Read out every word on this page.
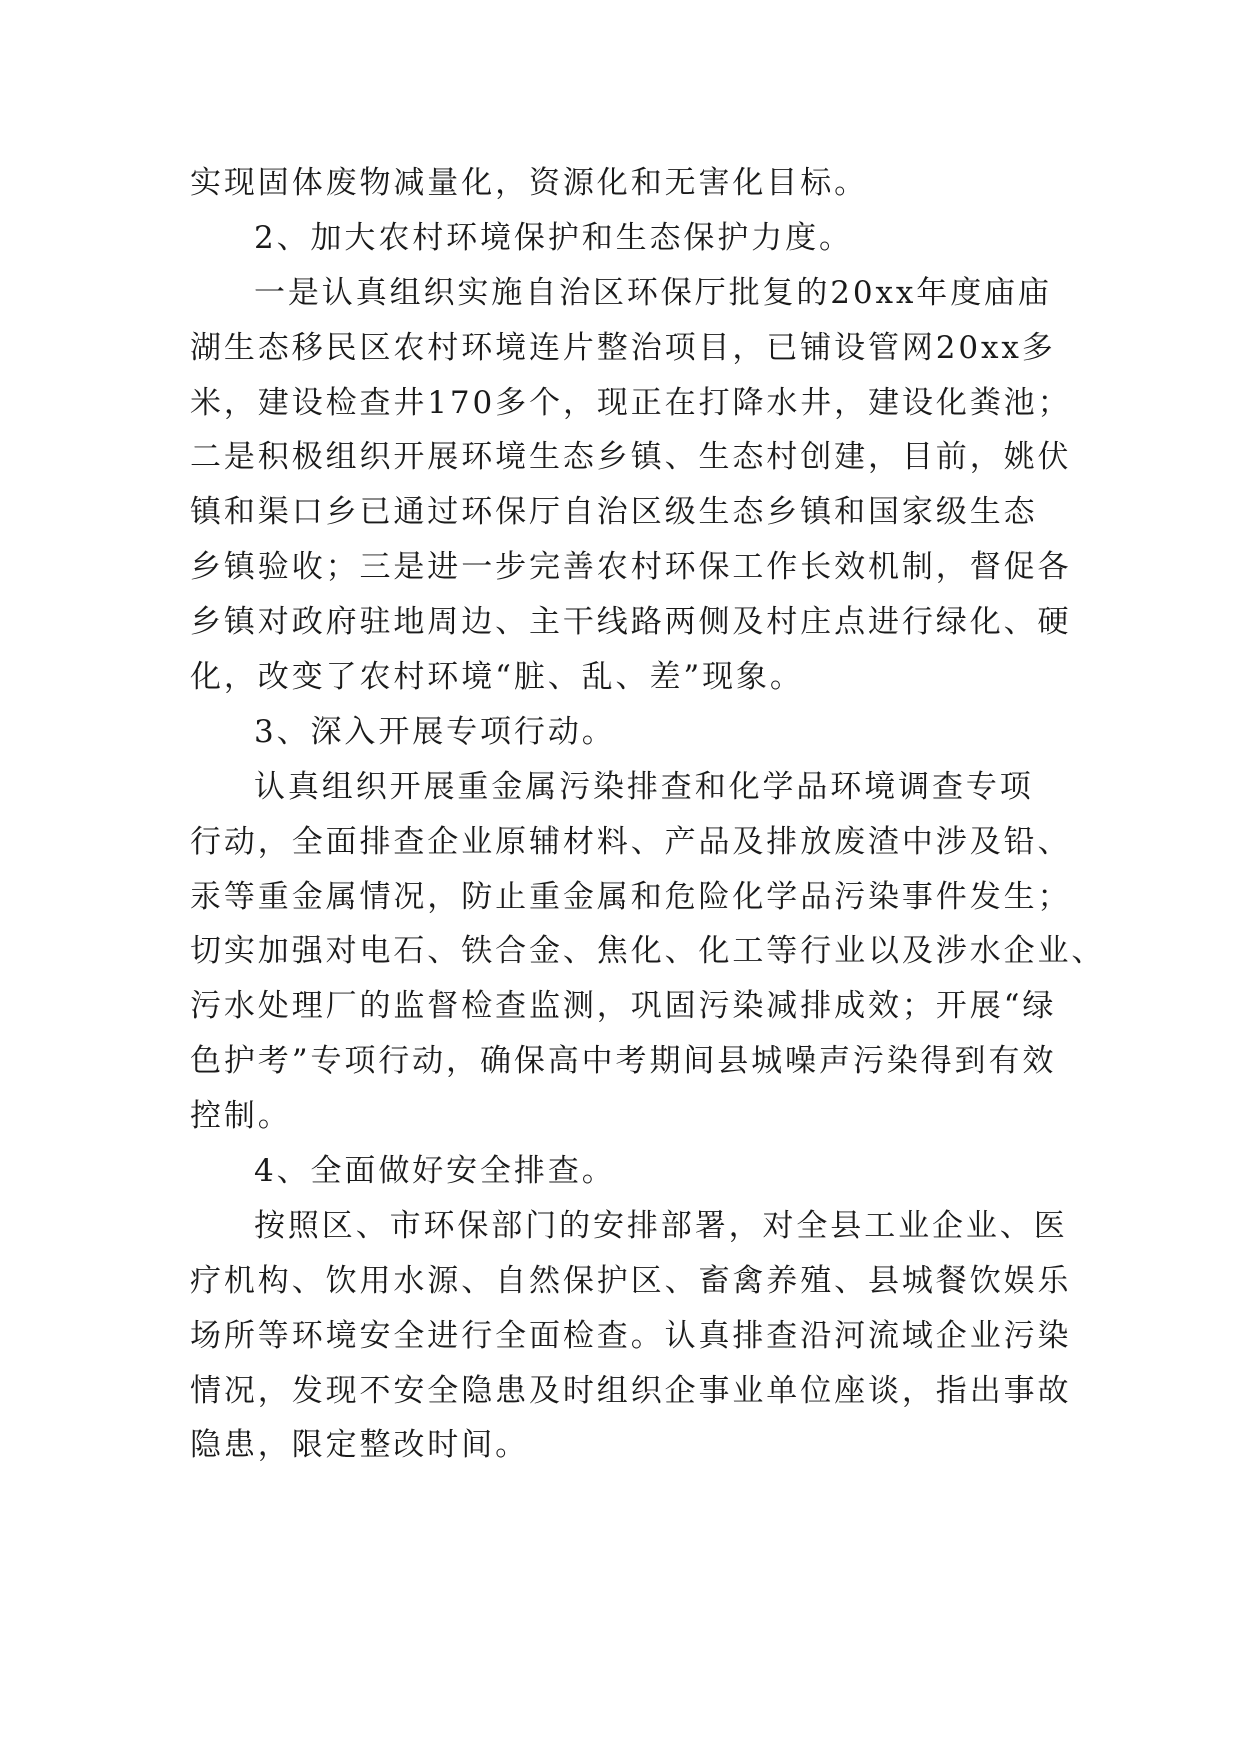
实现固体废物减量化，资源化和无害化目标。
2、加大农村环境保护和生态保护力度。
一是认真组织实施自治区环保厅批复的20xx年度庙庙
湖生态移民区农村环境连片整治项目，已铺设管网20xx多
米，建设检查井170多个，现正在打降水井，建设化粪池；
二是积极组织开展环境生态乡镇、生态村创建，目前，姚伏
镇和渠口乡已通过环保厅自治区级生态乡镇和国家级生态
乡镇验收；三是进一步完善农村环保工作长效机制，督促各
乡镇对政府驻地周边、主干线路两侧及村庄点进行绿化、硬
化，改变了农村环境“脏、乱、差”现象。
3、深入开展专项行动。
认真组织开展重金属污染排查和化学品环境调查专项
行动，全面排查企业原辅材料、产品及排放废渣中涉及铅、
汞等重金属情况，防止重金属和危险化学品污染事件发生；
切实加强对电石、铁合金、焦化、化工等行业以及涉水企业、
污水处理厂的监督检查监测，巩固污染减排成效；开展“绿
色护考”专项行动，确保高中考期间县城噪声污染得到有效
控制。
4、全面做好安全排查。
按照区、市环保部门的安排部署，对全县工业企业、医
疗机构、饮用水源、自然保护区、畜禽养殖、县城餐饮娱乐
场所等环境安全进行全面检查。认真排查沿河流域企业污染
情况，发现不安全隐患及时组织企事业单位座谈，指出事故
隐患，限定整改时间。
